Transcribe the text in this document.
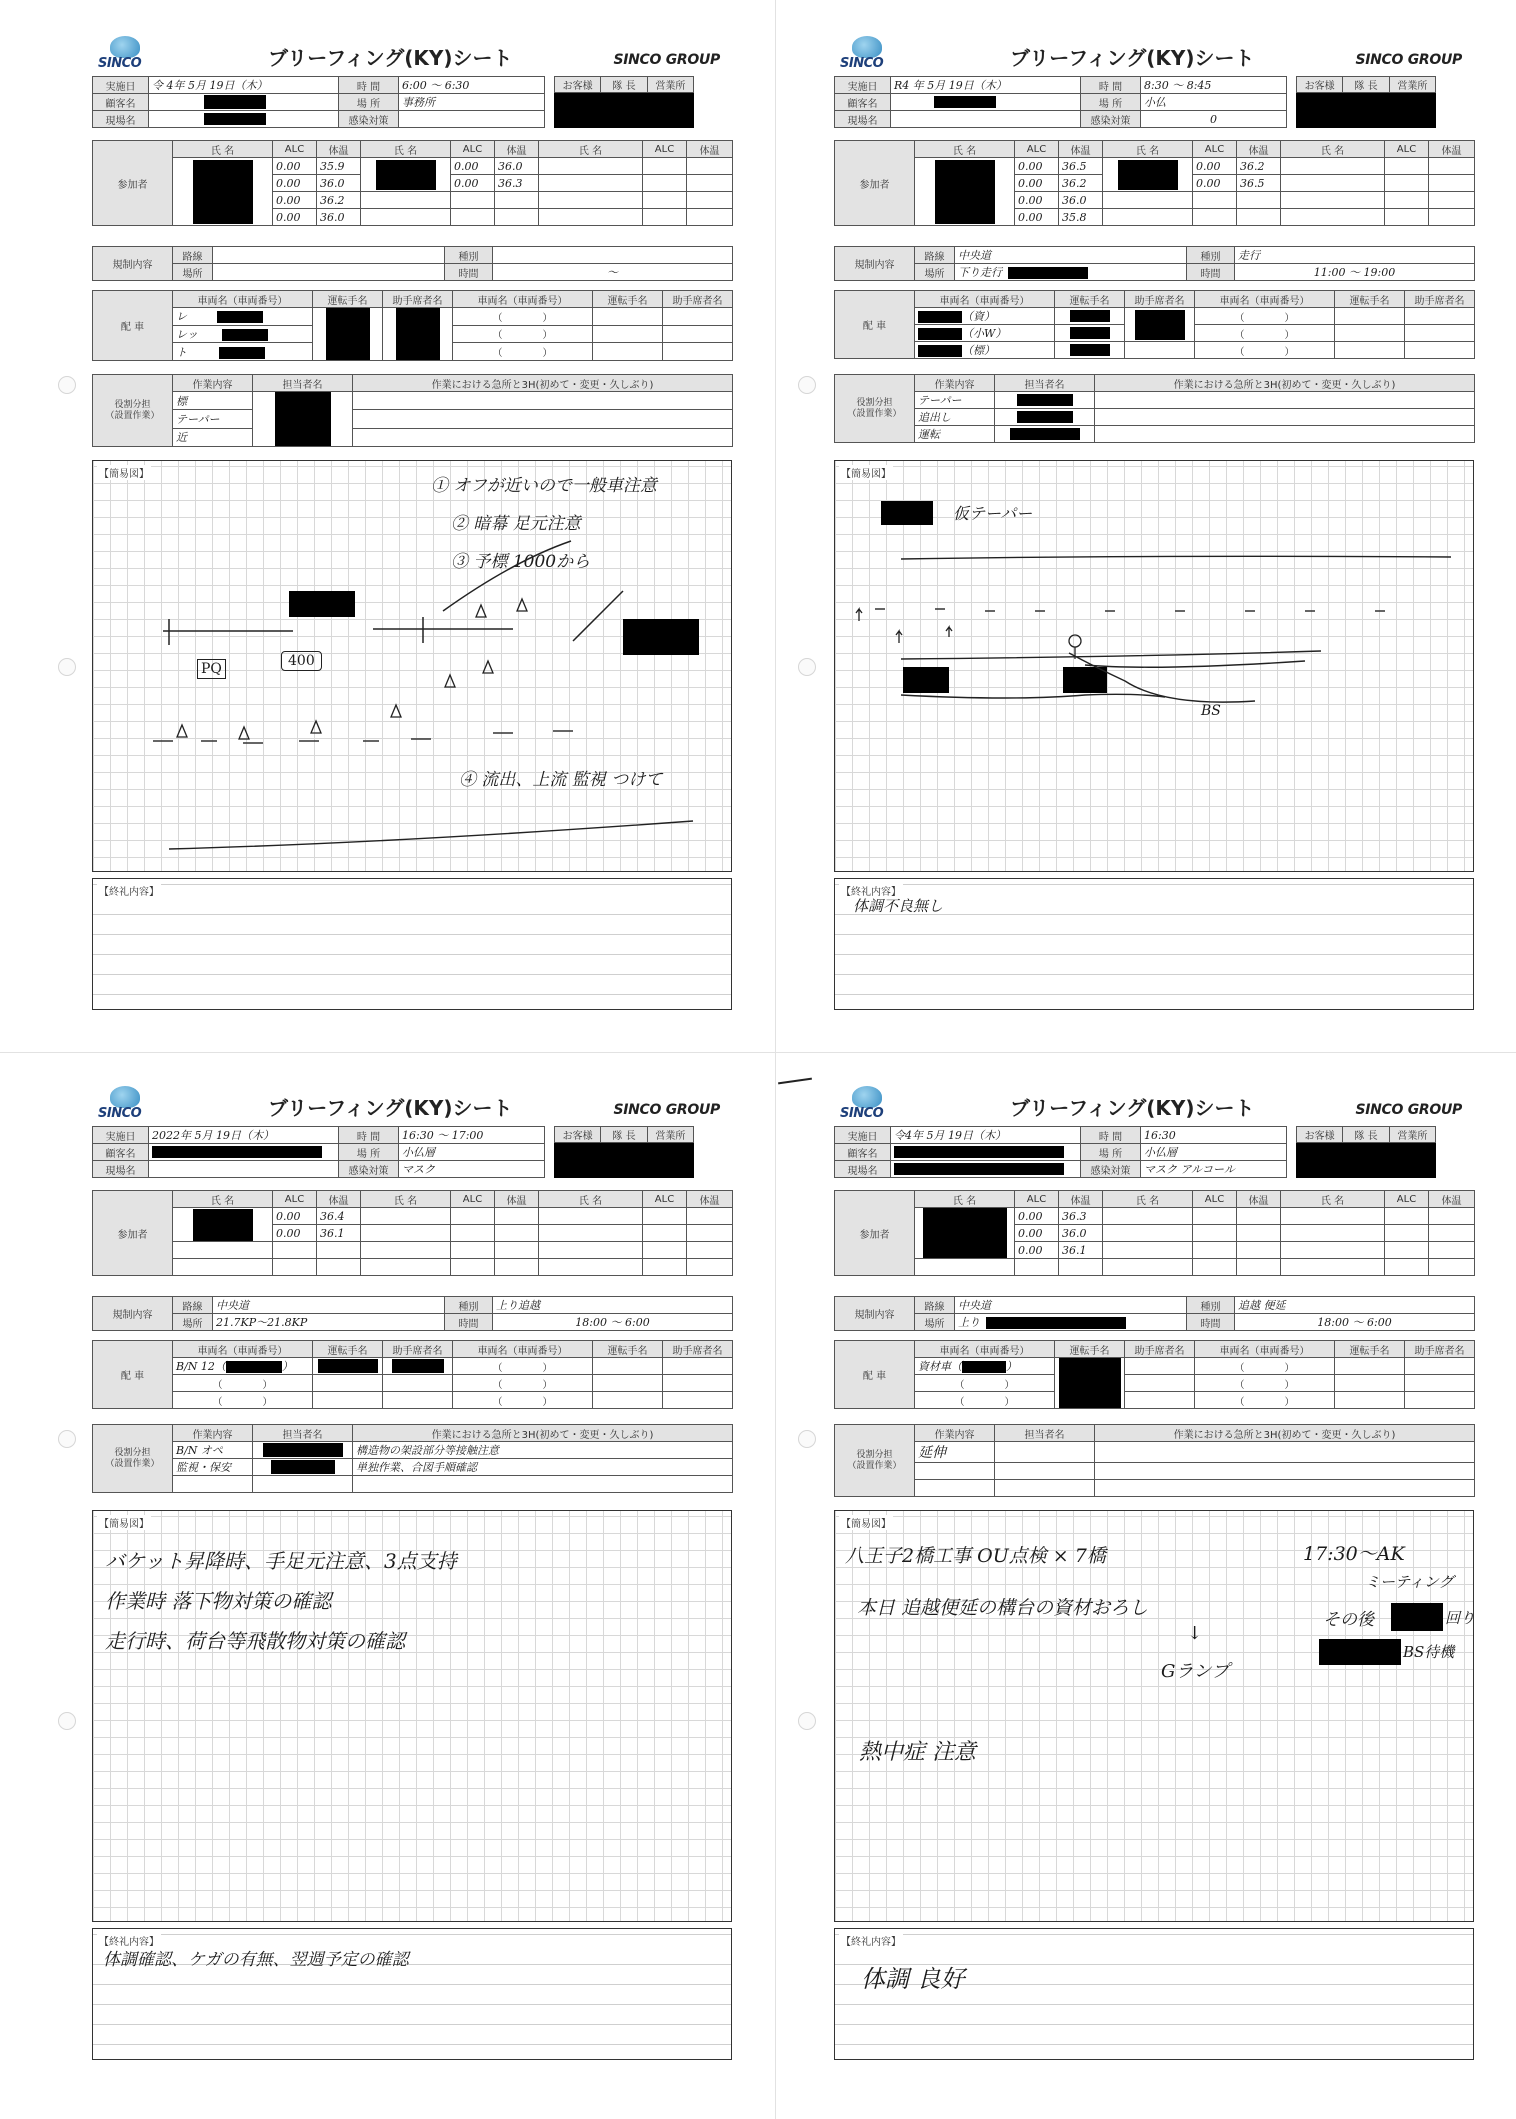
SINCO	ブリーフィング(KY)シート	SINCO GROUP
実施日	令 4年 5月 19日（木）	時 間	6:00 〜 6:30
顧客名		場 所	事務所
現場名		感染対策	
お客様	隊 長	営業所

参加者	氏 名	ALC	体温	氏 名	ALC	体温	氏 名	ALC	体温

		0.00	35.9		0.00	36.0			
		0.00	36.0		0.00	36.3			
		0.00	36.2						
		0.00	36.0						
規制内容	路線		種別	
	場所		時間	〜
配 車	車両名（車両番号）	運転手名	助手席者名	車両名（車両番号）	運転手名	助手席者名
	レ			（　　　　）		
	レッ			（　　　　）		
	ト			（　　　　）		
役割分担
（設置作業）	作業内容	担当者名	作業における急所と3H(初めて・変更・久しぶり)
	標	

	テーパー		
	近		
【簡易図】
① オフが近いので一般車注意
② 暗幕 足元注意
③ 予標 1000から
④ 流出、上流 監視 つけて
PQ	400
【終礼内容】
SINCO	ブリーフィング(KY)シート	SINCO GROUP
実施日	R4 年 5月 19日（木）	時 間	8:30 〜 8:45
顧客名		場 所	小仏
現場名		感染対策	0
お客様	隊 長	営業所

参加者	氏 名	ALC	体温	氏 名	ALC	体温	氏 名	ALC	体温

		0.00	36.5		0.00	36.2			
		0.00	36.2		0.00	36.5			
		0.00	36.0						
		0.00	35.8						
規制内容	路線	中央道	種別	走行
	場所	下り走行	時間	11:00 〜 19:00
配 車	車両名（車両番号）	運転手名	助手席者名	車両名（車両番号）	運転手名	助手席者名
	（資）			（　　　　）		
	（小W）			（　　　　）		
	（標）			（　　　　）		
役割分担
（設置作業）	作業内容	担当者名	作業における急所と3H(初めて・変更・久しぶり)
	テーパー	

	追出し	

	運転	

【簡易図】
仮テーパー
BS
【終礼内容】
体調不良無し
SINCO	ブリーフィング(KY)シート	SINCO GROUP
実施日	2022年 5月 19日（木）	時 間	16:30 〜 17:00
顧客名		場 所	小仏層
現場名		感染対策	マスク
お客様	隊 長	営業所

参加者	氏 名	ALC	体温	氏 名	ALC	体温	氏 名	ALC	体温

		0.00	36.4						
		0.00	36.1						

規制内容	路線	中央道	種別	上り追越
	場所	21.7KP〜21.8KP	時間	18:00 〜 6:00
配 車	車両名（車両番号）	運転手名	助手席者名	車両名（車両番号）	運転手名	助手席者名
	B/N 12（ ）			（　　　　）		
	（　　　　）			（　　　　）		
	（　　　　）			（　　　　）		
役割分担
（設置作業）	作業内容	担当者名	作業における急所と3H(初めて・変更・久しぶり)
	B/N オペ		構造物の架設部分等接触注意
	監視・保安		単独作業、合図手順確認

【簡易図】
バケット昇降時、手足元注意、3点支持
作業時 落下物対策の確認
走行時、荷台等飛散物対策の確認
【終礼内容】
体調確認、ケガの有無、翌週予定の確認
SINCO	ブリーフィング(KY)シート	SINCO GROUP
実施日	令4年 5月 19日（木）	時 間	16:30
顧客名		場 所	小仏層
現場名		感染対策	マスク アルコール
お客様	隊 長	営業所

参加者	氏 名	ALC	体温	氏 名	ALC	体温	氏 名	ALC	体温

		0.00	36.3						
		0.00	36.0						
		0.00	36.1						

規制内容	路線	中央道	種別	追越 便延
	場所	上り	時間	18:00 〜 6:00
配 車	車両名（車両番号）	運転手名	助手席者名	車両名（車両番号）	運転手名	助手席者名
	資材車（ ）			（　　　　）		
	（　　　　）			（　　　　）		
	（　　　　）			（　　　　）		
役割分担
（設置作業）	作業内容	担当者名	作業における急所と3H(初めて・変更・久しぶり)
	延伸		

【簡易図】
八王子2橋工事 OU点検 × 7橋	17:30〜AK
ミーティング
本日 追越便延の構台の資材おろし
↓
Gランプ
その後	回り
BS待機
熱中症 注意
【終礼内容】
体調 良好
